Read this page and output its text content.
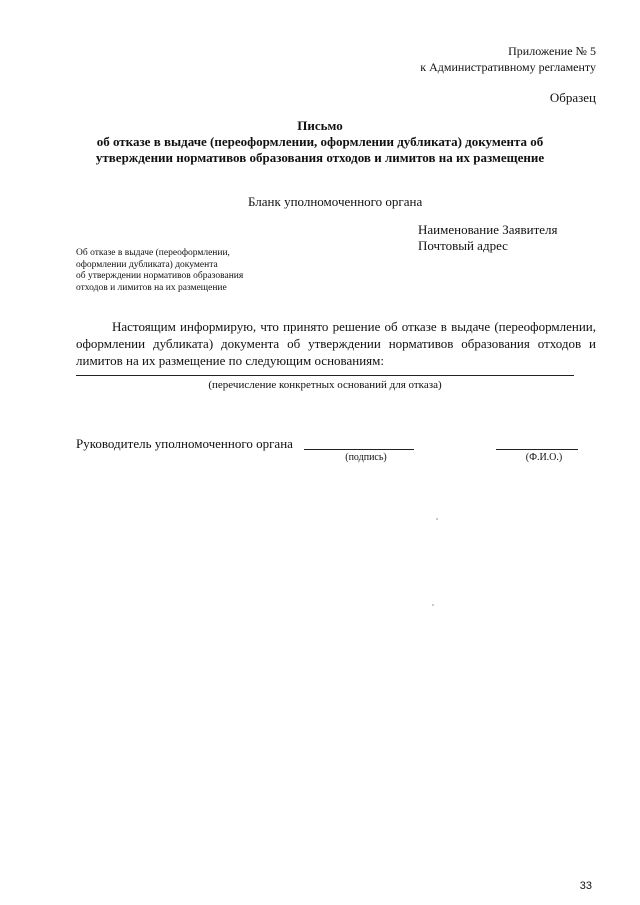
Приложение № 5
к Административному регламенту
Образец
Письмо
об отказе в выдаче (переоформлении, оформлении дубликата) документа об
утверждении нормативов образования отходов и лимитов на их размещение
Бланк уполномоченного органа
Наименование Заявителя
Почтовый адрес
Об отказе в выдаче (переоформлении,
оформлении дубликата) документа
об утверждении нормативов образования
отходов и лимитов на их размещение

Настоящим информирую, что принято решение об отказе в выдаче (переоформлении, оформлении дубликата) документа об утверждении нормативов образования отходов и лимитов на их размещение по следующим основаниям:

(перечисление конкретных оснований для отказа)
Руководитель уполномоченного органа
(подпись)	(Ф.И.О.)
33
